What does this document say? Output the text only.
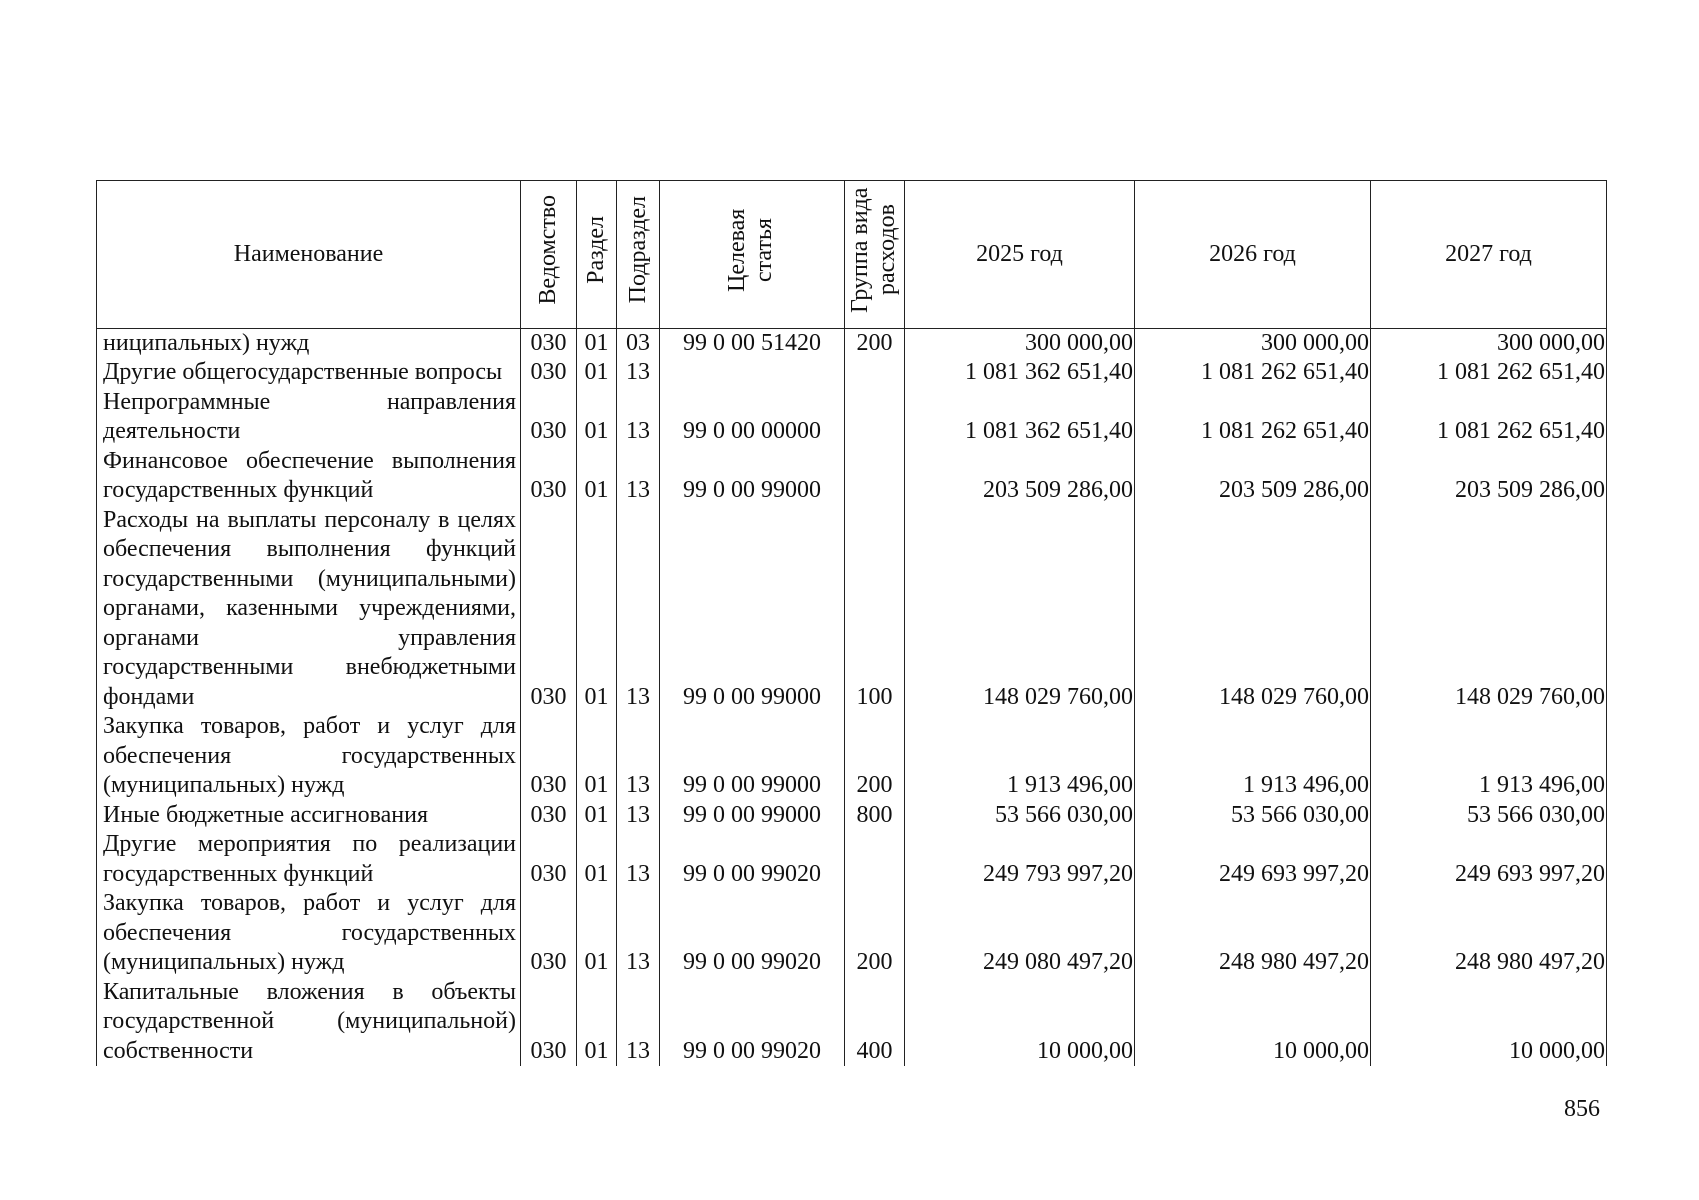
Наименование	Ведомство	Раздел	Подраздел	Целевая статья	Группа вида расходов	2025 год	2026 год	2027 год
ниципальных) нужд	030	01	03	99 0 00 51420	200	300 000,00	300 000,00	300 000,00
Другие общегосударственные вопросы	030	01	13			1 081 362 651,40	1 081 262 651,40	1 081 262 651,40
Непрограммные направления деятельности	030	01	13	99 0 00 00000		1 081 362 651,40	1 081 262 651,40	1 081 262 651,40
Финансовое обеспечение выполнения государственных функций	030	01	13	99 0 00 99000		203 509 286,00	203 509 286,00	203 509 286,00
Расходы на выплаты персоналу в целях обеспечения выполнения функций государственными (муниципальными) органами, казенными учреждениями, органами управления государственными внебюджетными фондами	030	01	13	99 0 00 99000	100	148 029 760,00	148 029 760,00	148 029 760,00
Закупка товаров, работ и услуг для обеспечения государственных (муниципальных) нужд	030	01	13	99 0 00 99000	200	1 913 496,00	1 913 496,00	1 913 496,00
Иные бюджетные ассигнования	030	01	13	99 0 00 99000	800	53 566 030,00	53 566 030,00	53 566 030,00
Другие мероприятия по реализации государственных функций	030	01	13	99 0 00 99020		249 793 997,20	249 693 997,20	249 693 997,20
Закупка товаров, работ и услуг для обеспечения государственных (муниципальных) нужд	030	01	13	99 0 00 99020	200	249 080 497,20	248 980 497,20	248 980 497,20
Капитальные вложения в объекты государственной (муниципальной) собственности	030	01	13	99 0 00 99020	400	10 000,00	10 000,00	10 000,00
856
